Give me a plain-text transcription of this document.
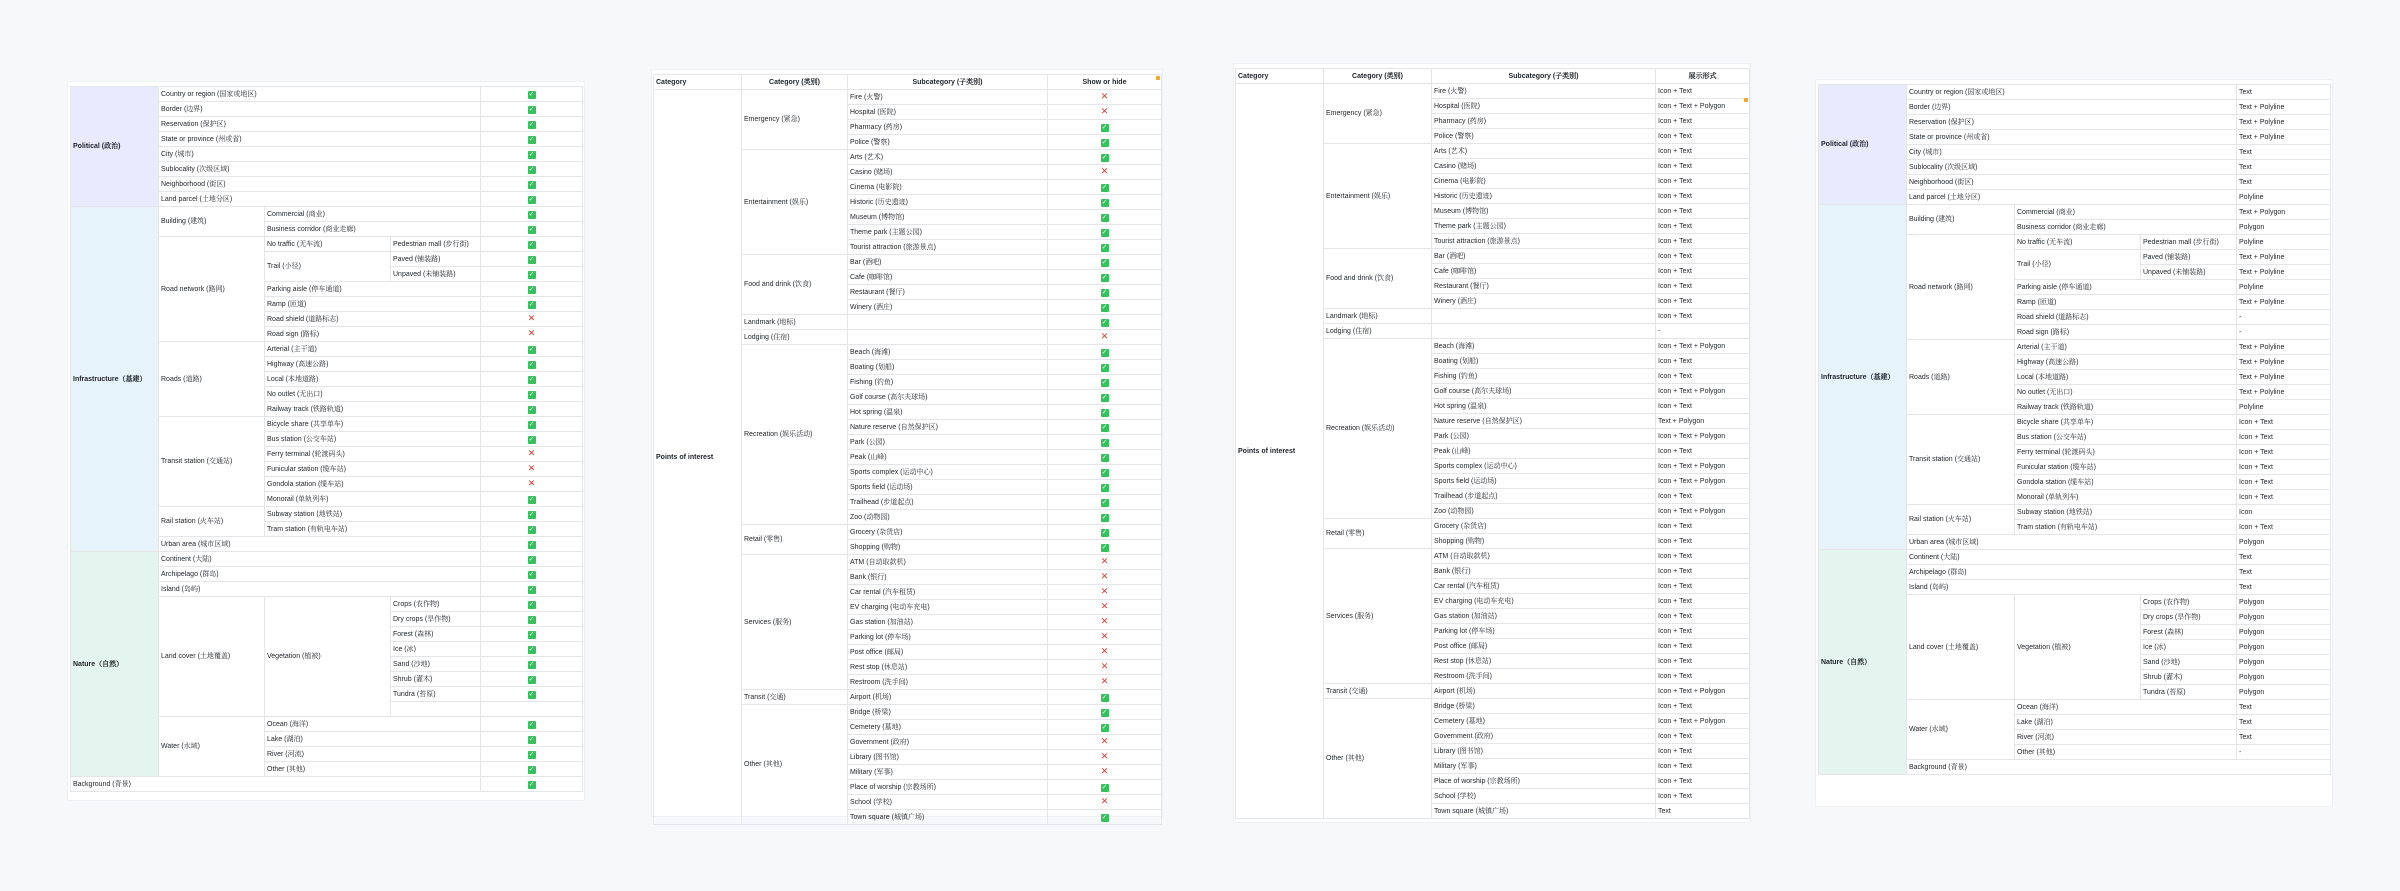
Political (政治)	Country or region (国家或地区)			✓
	Border (边界)			✓
	Reservation (保护区)			✓
	State or province (州或省)			✓
	City (城市)			✓
	Sublocality (次级区域)			✓
	Neighborhood (街区)			✓
	Land parcel (土地分区)			✓
Infrastructure（基建）	Building (建筑)	Commercial (商业)		✓
		Business corridor (商业走廊)		✓
	Road network (路网)	No traffic (无车流)	Pedestrian mall (步行街)	✓
		Trail (小径)	Paved (铺装路)	✓
			Unpaved (未铺装路)	✓
		Parking aisle (停车通道)		✓
		Ramp (匝道)		✓
		Road shield (道路标志)		✕
		Road sign (路标)		✕
	Roads (道路)	Arterial (主干道)		✓
		Highway (高速公路)		✓
		Local (本地道路)		✓
		No outlet (无出口)		✓
		Railway track (铁路轨道)		✓
	Transit station (交通站)	Bicycle share (共享单车)		✓
		Bus station (公交车站)		✓
		Ferry terminal (轮渡码头)		✕
		Funicular station (缆车站)		✕
		Gondola station (缆车站)		✕
		Monorail (单轨列车)		✓
	Rail station (火车站)	Subway station (地铁站)		✓
		Tram station (有轨电车站)		✓
	Urban area (城市区域)			✓
Nature（自然）	Continent (大陆)			✓
	Archipelago (群岛)			✓
	Island (岛屿)			✓
	Land cover (土地覆盖)	Vegetation (植被)	Crops (农作物)	✓
			Dry crops (旱作物)	✓
			Forest (森林)	✓
			Ice (冰)	✓
			Sand (沙地)	✓
			Shrub (灌木)	✓
			Tundra (苔原)	✓

	Water (水域)	Ocean (海洋)		✓
		Lake (湖泊)		✓
		River (河流)		✓
		Other (其他)		✓
Background (背景)				✓
Category	Category (类别)	Subcategory (子类别)	Show or hide
Points of interest	Emergency (紧急)	Fire (火警)	✕
		Hospital (医院)	✕
		Pharmacy (药房)	✓
		Police (警察)	✓
	Entertainment (娱乐)	Arts (艺术)	✓
		Casino (赌场)	✕
		Cinema (电影院)	✓
		Historic (历史遗迹)	✓
		Museum (博物馆)	✓
		Theme park (主题公园)	✓
		Tourist attraction (旅游景点)	✓
	Food and drink (饮食)	Bar (酒吧)	✓
		Cafe (咖啡馆)	✓
		Restaurant (餐厅)	✓
		Winery (酒庄)	✓
	Landmark (地标)		✓
	Lodging (住宿)		✕
	Recreation (娱乐活动)	Beach (海滩)	✓
		Boating (划船)	✓
		Fishing (钓鱼)	✓
		Golf course (高尔夫球场)	✓
		Hot spring (温泉)	✓
		Nature reserve (自然保护区)	✓
		Park (公园)	✓
		Peak (山峰)	✓
		Sports complex (运动中心)	✓
		Sports field (运动场)	✓
		Trailhead (步道起点)	✓
		Zoo (动物园)	✓
	Retail (零售)	Grocery (杂货店)	✓
		Shopping (购物)	✓
	Services (服务)	ATM (自动取款机)	✕
		Bank (银行)	✕
		Car rental (汽车租赁)	✕
		EV charging (电动车充电)	✕
		Gas station (加油站)	✕
		Parking lot (停车场)	✕
		Post office (邮局)	✕
		Rest stop (休息站)	✕
		Restroom (洗手间)	✕
	Transit (交通)	Airport (机场)	✓
	Other (其他)	Bridge (桥梁)	✓
		Cemetery (墓地)	✓
		Government (政府)	✕
		Library (图书馆)	✕
		Military (军事)	✕
		Place of worship (宗教场所)	✓
		School (学校)	✕
		Town square (城镇广场)	✓
Category	Category (类别)	Subcategory (子类别)	展示形式
Points of interest	Emergency (紧急)	Fire (火警)	Icon + Text
		Hospital (医院)	Icon + Text + Polygon
		Pharmacy (药房)	Icon + Text
		Police (警察)	Icon + Text
	Entertainment (娱乐)	Arts (艺术)	Icon + Text
		Casino (赌场)	Icon + Text
		Cinema (电影院)	Icon + Text
		Historic (历史遗迹)	Icon + Text
		Museum (博物馆)	Icon + Text
		Theme park (主题公园)	Icon + Text
		Tourist attraction (旅游景点)	Icon + Text
	Food and drink (饮食)	Bar (酒吧)	Icon + Text
		Cafe (咖啡馆)	Icon + Text
		Restaurant (餐厅)	Icon + Text
		Winery (酒庄)	Icon + Text
	Landmark (地标)		Icon + Text
	Lodging (住宿)		-
	Recreation (娱乐活动)	Beach (海滩)	Icon + Text + Polygon
		Boating (划船)	Icon + Text
		Fishing (钓鱼)	Icon + Text
		Golf course (高尔夫球场)	Icon + Text + Polygon
		Hot spring (温泉)	Icon + Text
		Nature reserve (自然保护区)	Text + Polygon
		Park (公园)	Icon + Text + Polygon
		Peak (山峰)	Icon + Text
		Sports complex (运动中心)	Icon + Text + Polygon
		Sports field (运动场)	Icon + Text + Polygon
		Trailhead (步道起点)	Icon + Text
		Zoo (动物园)	Icon + Text + Polygon
	Retail (零售)	Grocery (杂货店)	Icon + Text
		Shopping (购物)	Icon + Text
	Services (服务)	ATM (自动取款机)	Icon + Text
		Bank (银行)	Icon + Text
		Car rental (汽车租赁)	Icon + Text
		EV charging (电动车充电)	Icon + Text
		Gas station (加油站)	Icon + Text
		Parking lot (停车场)	Icon + Text
		Post office (邮局)	Icon + Text
		Rest stop (休息站)	Icon + Text
		Restroom (洗手间)	Icon + Text
	Transit (交通)	Airport (机场)	Icon + Text + Polygon
	Other (其他)	Bridge (桥梁)	Icon + Text
		Cemetery (墓地)	Icon + Text + Polygon
		Government (政府)	Icon + Text
		Library (图书馆)	Icon + Text
		Military (军事)	Icon + Text
		Place of worship (宗教场所)	Icon + Text
		School (学校)	Icon + Text
		Town square (城镇广场)	Text
Political (政治)	Country or region (国家或地区)			Text	
	Border (边界)			Text + Polyline	
	Reservation (保护区)			Text + Polyline	
	State or province (州或省)			Text + Polyline	
	City (城市)			Text	
	Sublocality (次级区域)			Text	
	Neighborhood (街区)			Text	
	Land parcel (土地分区)			Polyline	
Infrastructure（基建）	Building (建筑)	Commercial (商业)		Text + Polygon	
		Business corridor (商业走廊)		Polygon	
	Road network (路网)	No traffic (无车流)	Pedestrian mall (步行街)	Polyline	
		Trail (小径)	Paved (铺装路)	Text + Polyline	
			Unpaved (未铺装路)	Text + Polyline	
		Parking aisle (停车通道)		Polyline	
		Ramp (匝道)		Text + Polyline	
		Road shield (道路标志)		-	
		Road sign (路标)		-	
	Roads (道路)	Arterial (主干道)		Text + Polyline	
		Highway (高速公路)		Text + Polyline	
		Local (本地道路)		Text + Polyline	
		No outlet (无出口)		Text + Polyline	
		Railway track (铁路轨道)		Polyline	
	Transit station (交通站)	Bicycle share (共享单车)		Icon + Text	
		Bus station (公交车站)		Icon + Text	
		Ferry terminal (轮渡码头)		Icon + Text	
		Funicular station (缆车站)		Icon + Text	
		Gondola station (缆车站)		Icon + Text	
		Monorail (单轨列车)		Icon + Text	
	Rail station (火车站)	Subway station (地铁站)		Icon	
		Tram station (有轨电车站)		Icon + Text	
	Urban area (城市区域)			Polygon	
Nature（自然）	Continent (大陆)			Text	
	Archipelago (群岛)			Text	
	Island (岛屿)			Text	
	Land cover (土地覆盖)	Vegetation (植被)	Crops (农作物)	Polygon	
			Dry crops (旱作物)	Polygon	
			Forest (森林)	Polygon	
			Ice (冰)	Polygon	
			Sand (沙地)	Polygon	
			Shrub (灌木)	Polygon	
			Tundra (苔原)	Polygon	
	Water (水域)	Ocean (海洋)		Text	
		Lake (湖泊)		Text	
		River (河流)		Text	
		Other (其他)		-	
	Background (背景)	
